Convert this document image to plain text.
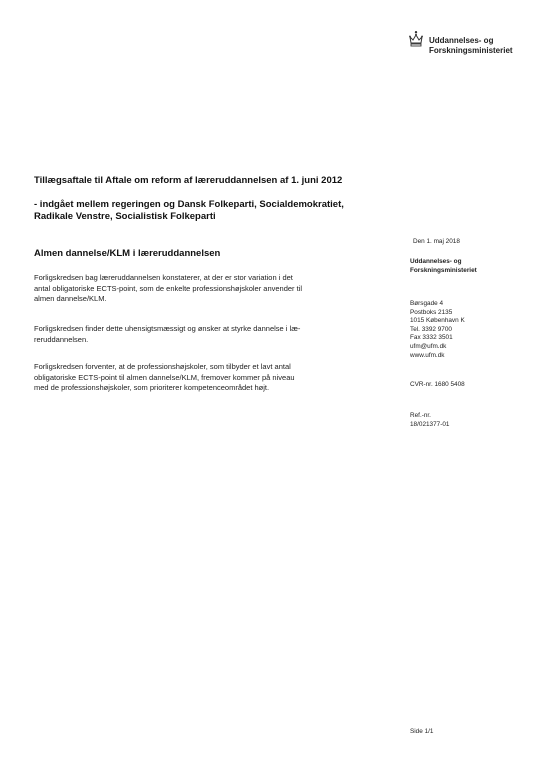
Uddannelses- og
Forskningsministeriet
Tillægsaftale til Aftale om reform af læreruddannelsen af 1. juni 2012
- indgået mellem regeringen og Dansk Folkeparti, Socialdemokratiet,
Radikale Venstre, Socialistisk Folkeparti
Almen dannelse/KLM i læreruddannelsen
Forligskredsen bag læreruddannelsen konstaterer, at der er stor variation i det
antal obligatoriske ECTS-point, som de enkelte professionshøjskoler anvender til
almen dannelse/KLM.
Forligskredsen finder dette uhensigtsmæssigt og ønsker at styrke dannelse i læ-
reruddannelsen.
Forligskredsen forventer, at de professionshøjskoler, som tilbyder et lavt antal
obligatoriske ECTS-point til almen dannelse/KLM, fremover kommer på niveau
med de professionshøjskoler, som prioriterer kompetenceområdet højt.
Den 1. maj 2018
Uddannelses- og
Forskningsministeriet
Børsgade 4
Postboks 2135
1015 København K
Tel. 3392 9700
Fax 3332 3501
ufm@ufm.dk
www.ufm.dk
CVR-nr. 1680 5408
Ref.-nr.
18/021377-01
Side 1/1
